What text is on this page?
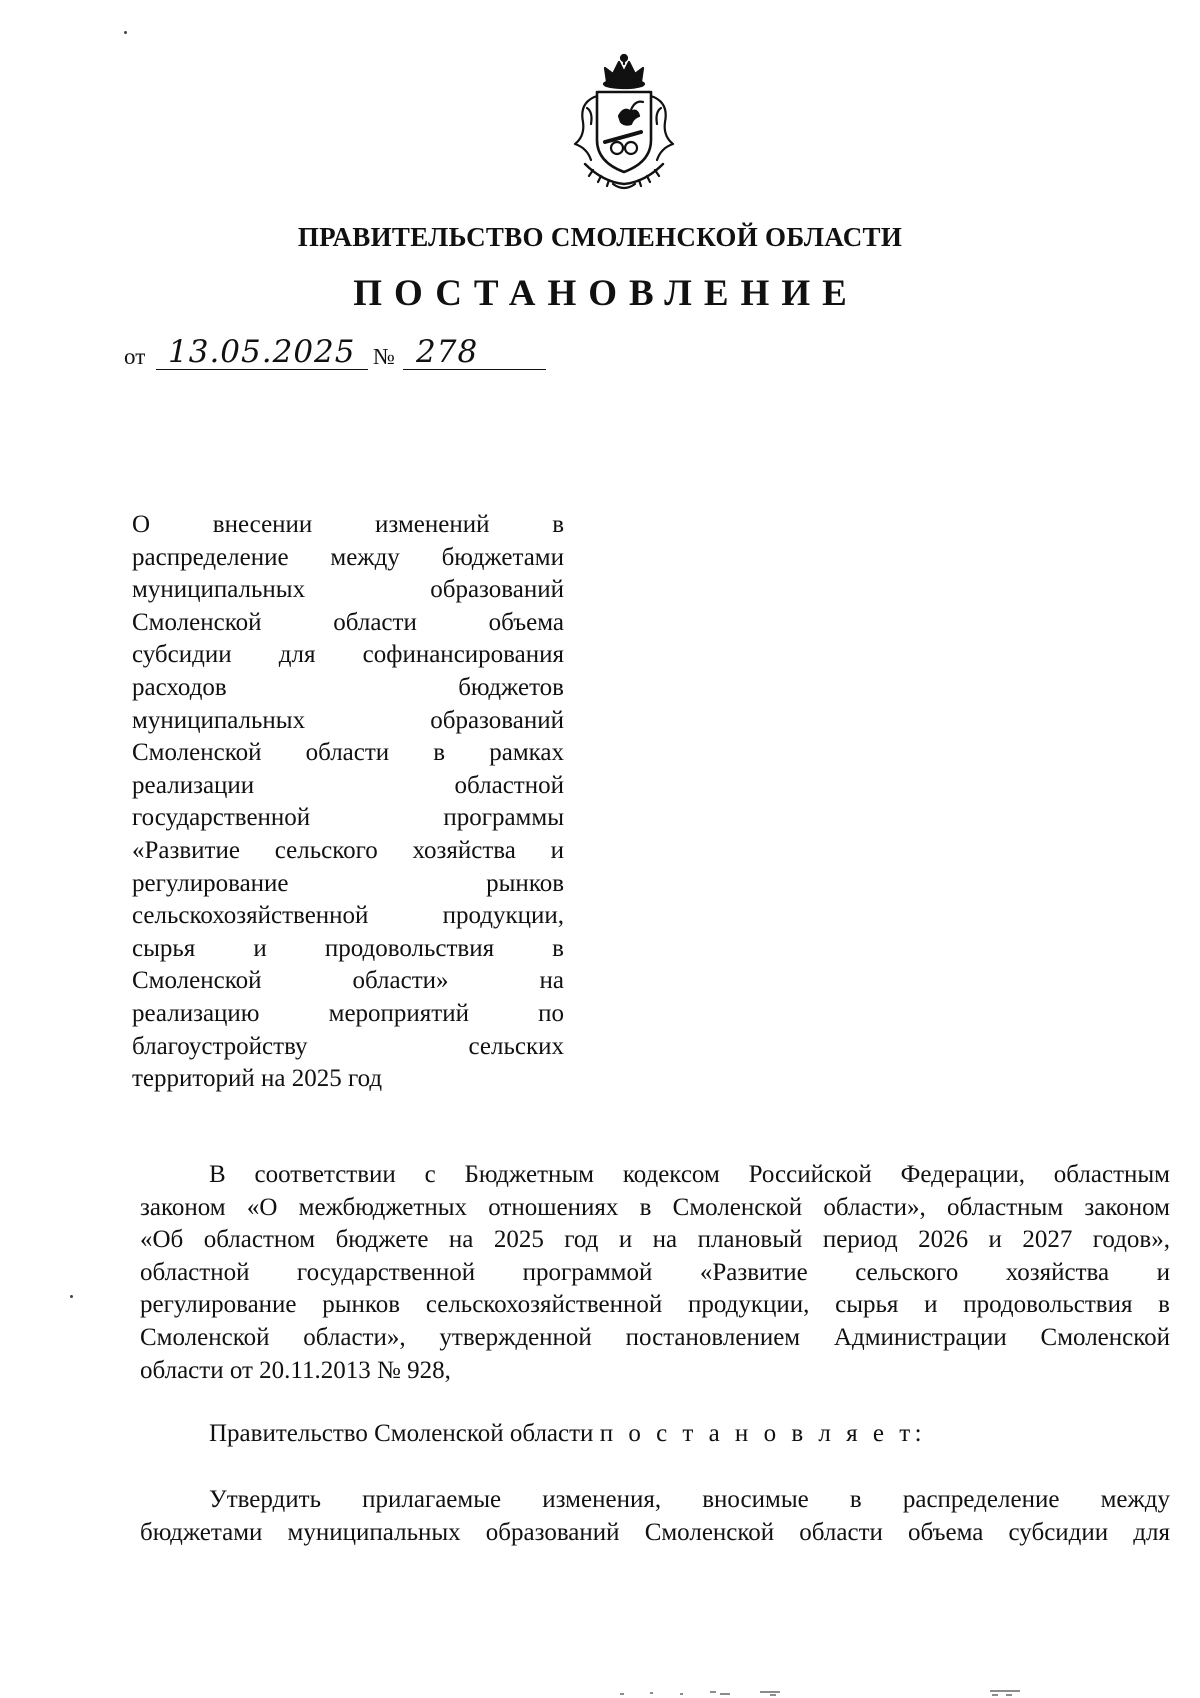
ПРАВИТЕЛЬСТВО СМОЛЕНСКОЙ ОБЛАСТИ
ПОСТАНОВЛЕНИЕ
от 13.05.2025 № 278
О внесении изменений в
распределение между бюджетами
муниципальных образований
Смоленской области объема
субсидии для софинансирования
расходов бюджетов
муниципальных образований
Смоленской области в рамках
реализации областной
государственной программы
«Развитие сельского хозяйства и
регулирование рынков
сельскохозяйственной продукции,
сырья и продовольствия в
Смоленской области» на
реализацию мероприятий по
благоустройству сельских
территорий на 2025 год
В соответствии с Бюджетным кодексом Российской Федерации, областным
законом «О межбюджетных отношениях в Смоленской области», областным законом
«Об областном бюджете на 2025 год и на плановый период 2026 и 2027 годов»,
областной государственной программой «Развитие сельского хозяйства и
регулирование рынков сельскохозяйственной продукции, сырья и продовольствия в
Смоленской области», утвержденной постановлением Администрации Смоленской
области от 20.11.2013 № 928,
Правительство Смоленской области п о с т а н о в л я е т:
Утвердить прилагаемые изменения, вносимые в распределение между
бюджетами муниципальных образований Смоленской области объема субсидии для
